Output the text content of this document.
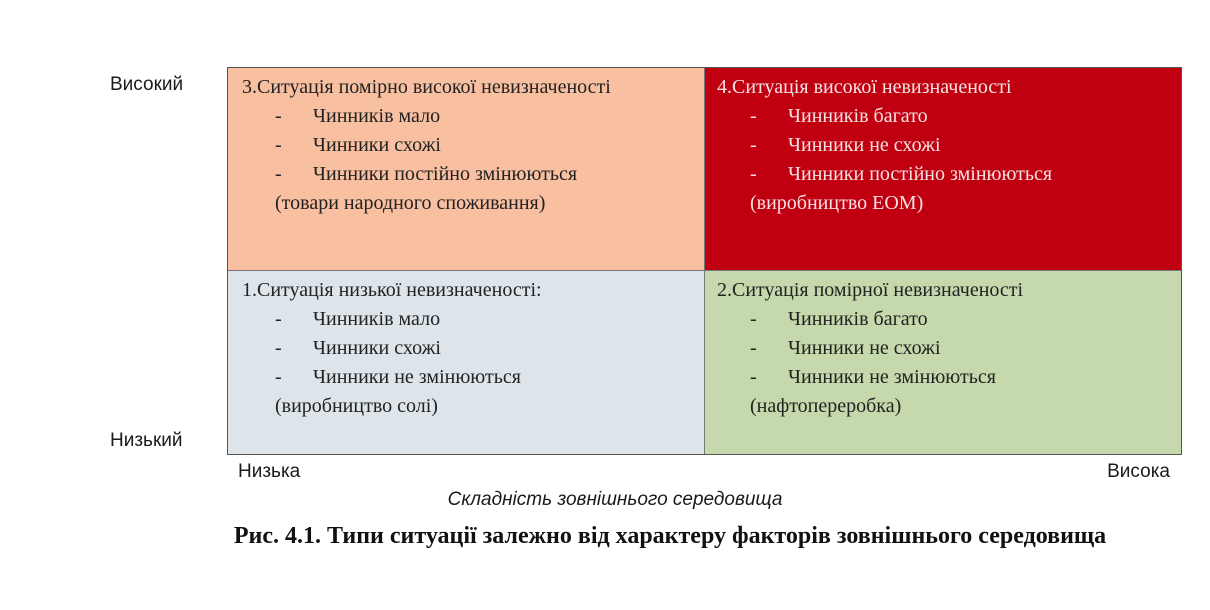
Високий
Низький
3.Ситуація помірно високої невизначеності
- Чинників мало
- Чинники схожі
- Чинники постійно змінюються
(товари народного споживання)
4.Ситуація високої невизначеності
- Чинників багато
- Чинники не схожі
- Чинники постійно змінюються
(виробництво ЕОМ)
1.Ситуація низької невизначеності:
- Чинників мало
- Чинники схожі
- Чинники не змінюються
(виробництво солі)
2.Ситуація помірної невизначеності
- Чинників багато
- Чинники не схожі
- Чинники не змінюються
(нафтопереробка)
Низька	Висока
Складність зовнішнього середовища
Рис. 4.1. Типи ситуації залежно від характеру факторів зовнішнього середовища
